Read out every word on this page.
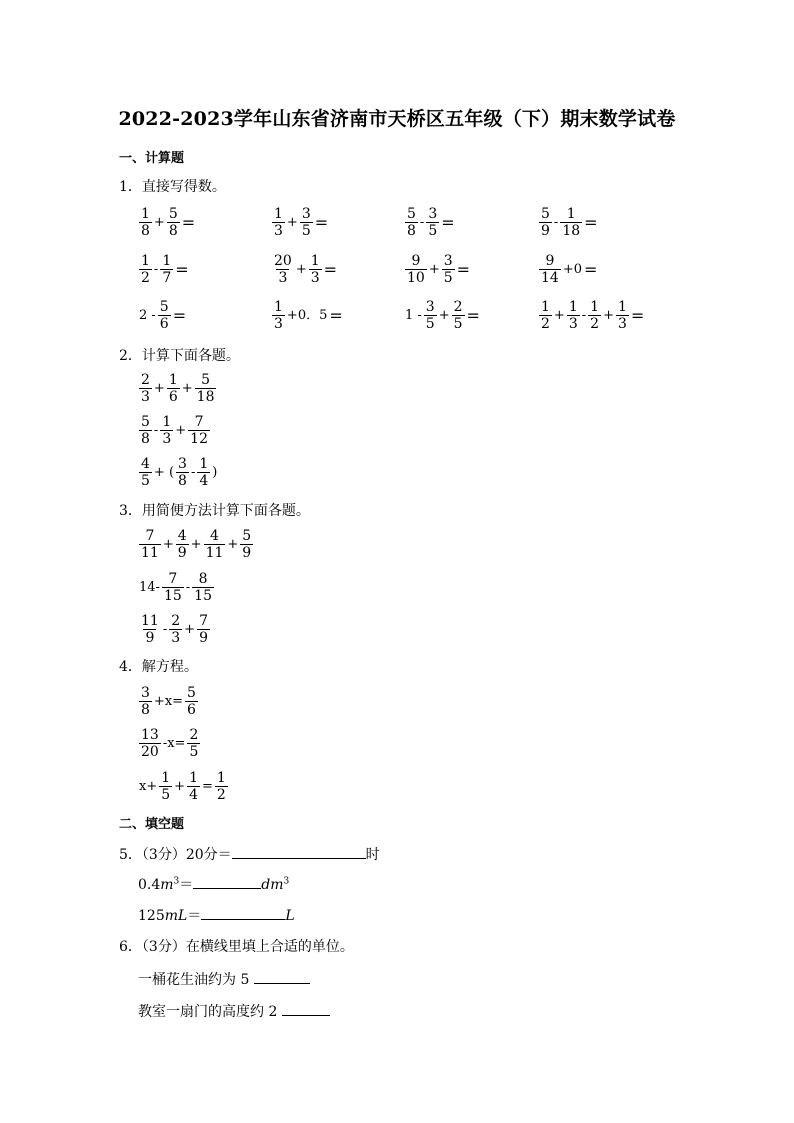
2022-2023学年山东省济南市天桥区五年级（下）期末数学试卷
一、计算题
1．直接写得数。
$\frac{1}{8} + \frac{5}{8}$ =	$\frac{1}{3} + \frac{3}{5}$ =	$\frac{5}{8} - \frac{3}{5}$ =	$\frac{5}{9} - \frac{1}{18}$ =
$\frac{1}{2} - \frac{1}{7}$ =	$\frac{20}{3} + \frac{1}{3}$ =	$\frac{9}{10} + \frac{3}{5}$ =	$\frac{9}{14} +0$ =
$2 - \frac{5}{6}$ =	$\frac{1}{3} +0$．5 =	$1 - \frac{3}{5} + \frac{2}{5}$ =	$\frac{1}{2} + \frac{1}{3} - \frac{1}{2} + \frac{1}{3}$ =
2．计算下面各题。
$\frac{2}{3} + \frac{1}{6} + \frac{5}{18}$
$\frac{5}{8} - \frac{1}{3} + \frac{7}{12}$
$\frac{4}{5}$ + ( $\frac{3}{8} - \frac{1}{4}$ )
3．用简便方法计算下面各题。
$\frac{7}{11} + \frac{4}{9} + \frac{4}{11} + \frac{5}{9}$
$14- \frac{7}{15} - \frac{8}{15}$
$\frac{11}{9} - \frac{2}{3} + \frac{7}{9}$
4．解方程。
$\frac{3}{8} +x= \frac{5}{6}$
$\frac{13}{20} -x= \frac{2}{5}$
$x+ \frac{1}{5} + \frac{1}{4} = \frac{1}{2}$
二、填空题
5．（3分）20分＝	时
$0.4m^3=$	$dm^3$
125mL＝	L
6．（3分）在横线里填上合适的单位。
一桶花生油约为 5
教室一扇门的高度约 2
